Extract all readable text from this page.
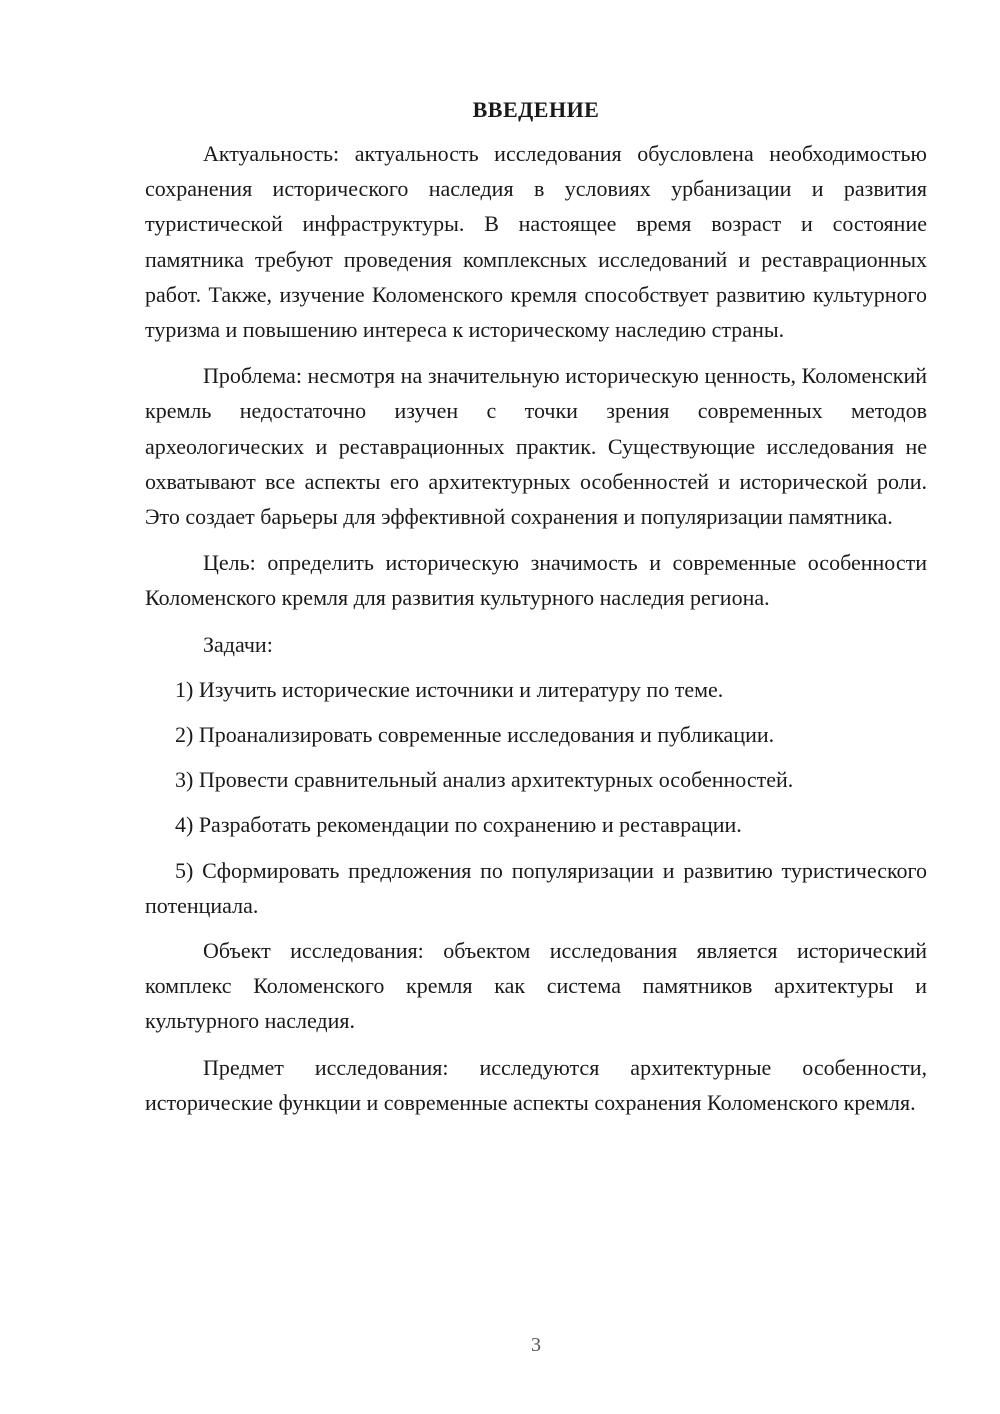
ВВЕДЕНИЕ

Актуальность: актуальность исследования обусловлена необходимостью сохранения исторического наследия в условиях урбанизации и развития туристической инфраструктуры. В настоящее время возраст и состояние памятника требуют проведения комплексных исследований и реставрационных работ. Также, изучение Коломенского кремля способствует развитию культурного туризма и повышению интереса к историческому наследию страны.

Проблема: несмотря на значительную историческую ценность, Коломенский кремль недостаточно изучен с точки зрения современных методов археологических и реставрационных практик. Существующие исследования не охватывают все аспекты его архитектурных особенностей и исторической роли. Это создает барьеры для эффективной сохранения и популяризации памятника.

Цель: определить историческую значимость и современные особенности Коломенского кремля для развития культурного наследия региона.

Задачи:

1) Изучить исторические источники и литературу по теме.

2) Проанализировать современные исследования и публикации.

3) Провести сравнительный анализ архитектурных особенностей.

4) Разработать рекомендации по сохранению и реставрации.

5) Сформировать предложения по популяризации и развитию туристического потенциала.

Объект исследования: объектом исследования является исторический комплекс Коломенского кремля как система памятников архитектуры и культурного наследия.

Предмет исследования: исследуются архитектурные особенности, исторические функции и современные аспекты сохранения Коломенского кремля.

3
